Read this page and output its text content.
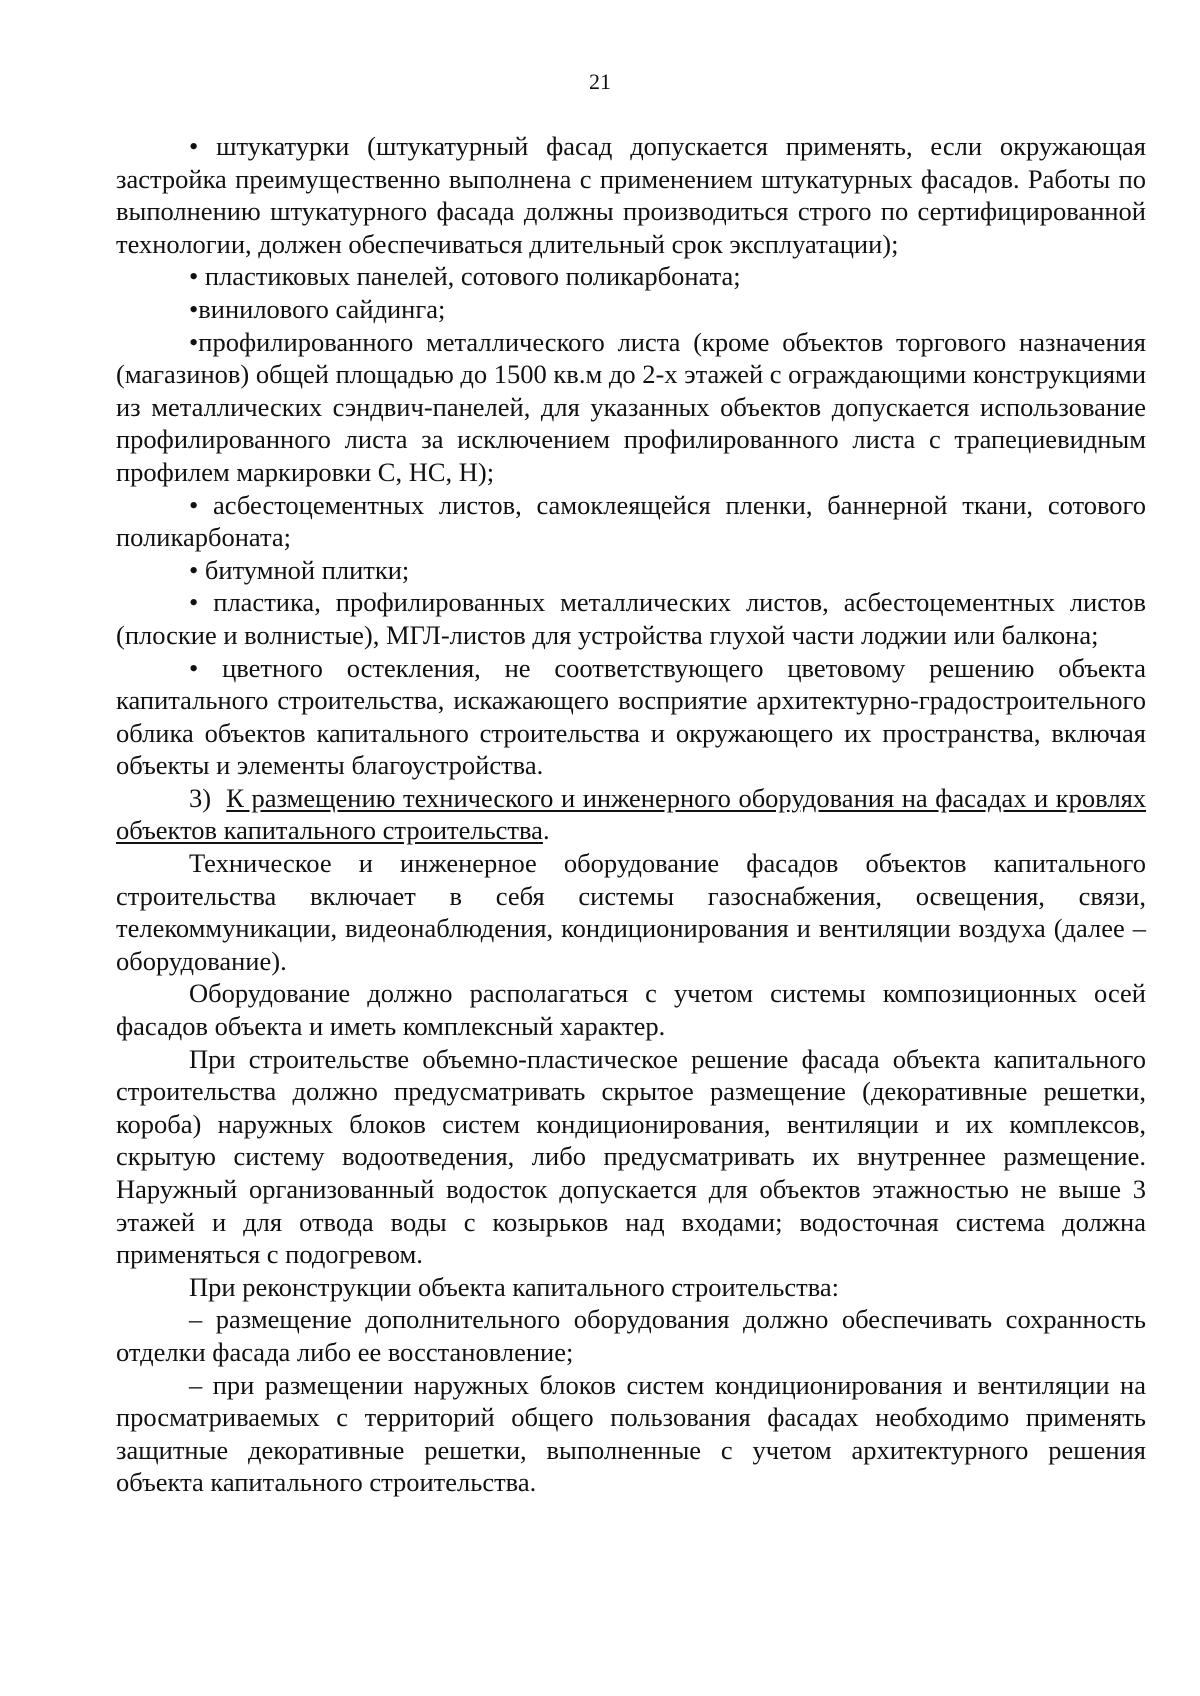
21

• штукатурки (штукатурный фасад допускается применять, если окружающая застройка преимущественно выполнена с применением штукатурных фасадов. Работы по выполнению штукатурного фасада должны производиться строго по сертифицированной технологии, должен обеспечиваться длительный срок эксплуатации);

• пластиковых панелей, сотового поликарбоната;

•винилового сайдинга;

•профилированного металлического листа (кроме объектов торгового назначения (магазинов) общей площадью до 1500 кв.м до 2-х этажей с ограждающими конструкциями из металлических сэндвич-панелей, для указанных объектов допускается использование профилированного листа за исключением профилированного листа с трапециевидным профилем маркировки С, НС, Н);

• асбестоцементных листов, самоклеящейся пленки, баннерной ткани, сотового поликарбоната;

• битумной плитки;

• пластика, профилированных металлических листов, асбестоцементных листов (плоские и волнистые), МГЛ-листов для устройства глухой части лоджии или балкона;

• цветного остекления, не соответствующего цветовому решению объекта капитального строительства, искажающего восприятие архитектурно-градостроительного облика объектов капитального строительства и окружающего их пространства, включая объекты и элементы благоустройства.

3) К размещению технического и инженерного оборудования на фасадах и кровлях объектов капитального строительства.

Техническое и инженерное оборудование фасадов объектов капитального строительства включает в себя системы газоснабжения, освещения, связи, телекоммуникации, видеонаблюдения, кондиционирования и вентиляции воздуха (далее – оборудование).

Оборудование должно располагаться с учетом системы композиционных осей фасадов объекта и иметь комплексный характер.

При строительстве объемно-пластическое решение фасада объекта капитального строительства должно предусматривать скрытое размещение (декоративные решетки, короба) наружных блоков систем кондиционирования, вентиляции и их комплексов, скрытую систему водоотведения, либо предусматривать их внутреннее размещение. Наружный организованный водосток допускается для объектов этажностью не выше 3 этажей и для отвода воды с козырьков над входами; водосточная система должна применяться с подогревом.

При реконструкции объекта капитального строительства:

– размещение дополнительного оборудования должно обеспечивать сохранность отделки фасада либо ее восстановление;

– при размещении наружных блоков систем кондиционирования и вентиляции на просматриваемых с территорий общего пользования фасадах необходимо применять защитные декоративные решетки, выполненные с учетом архитектурного решения объекта капитального строительства.
